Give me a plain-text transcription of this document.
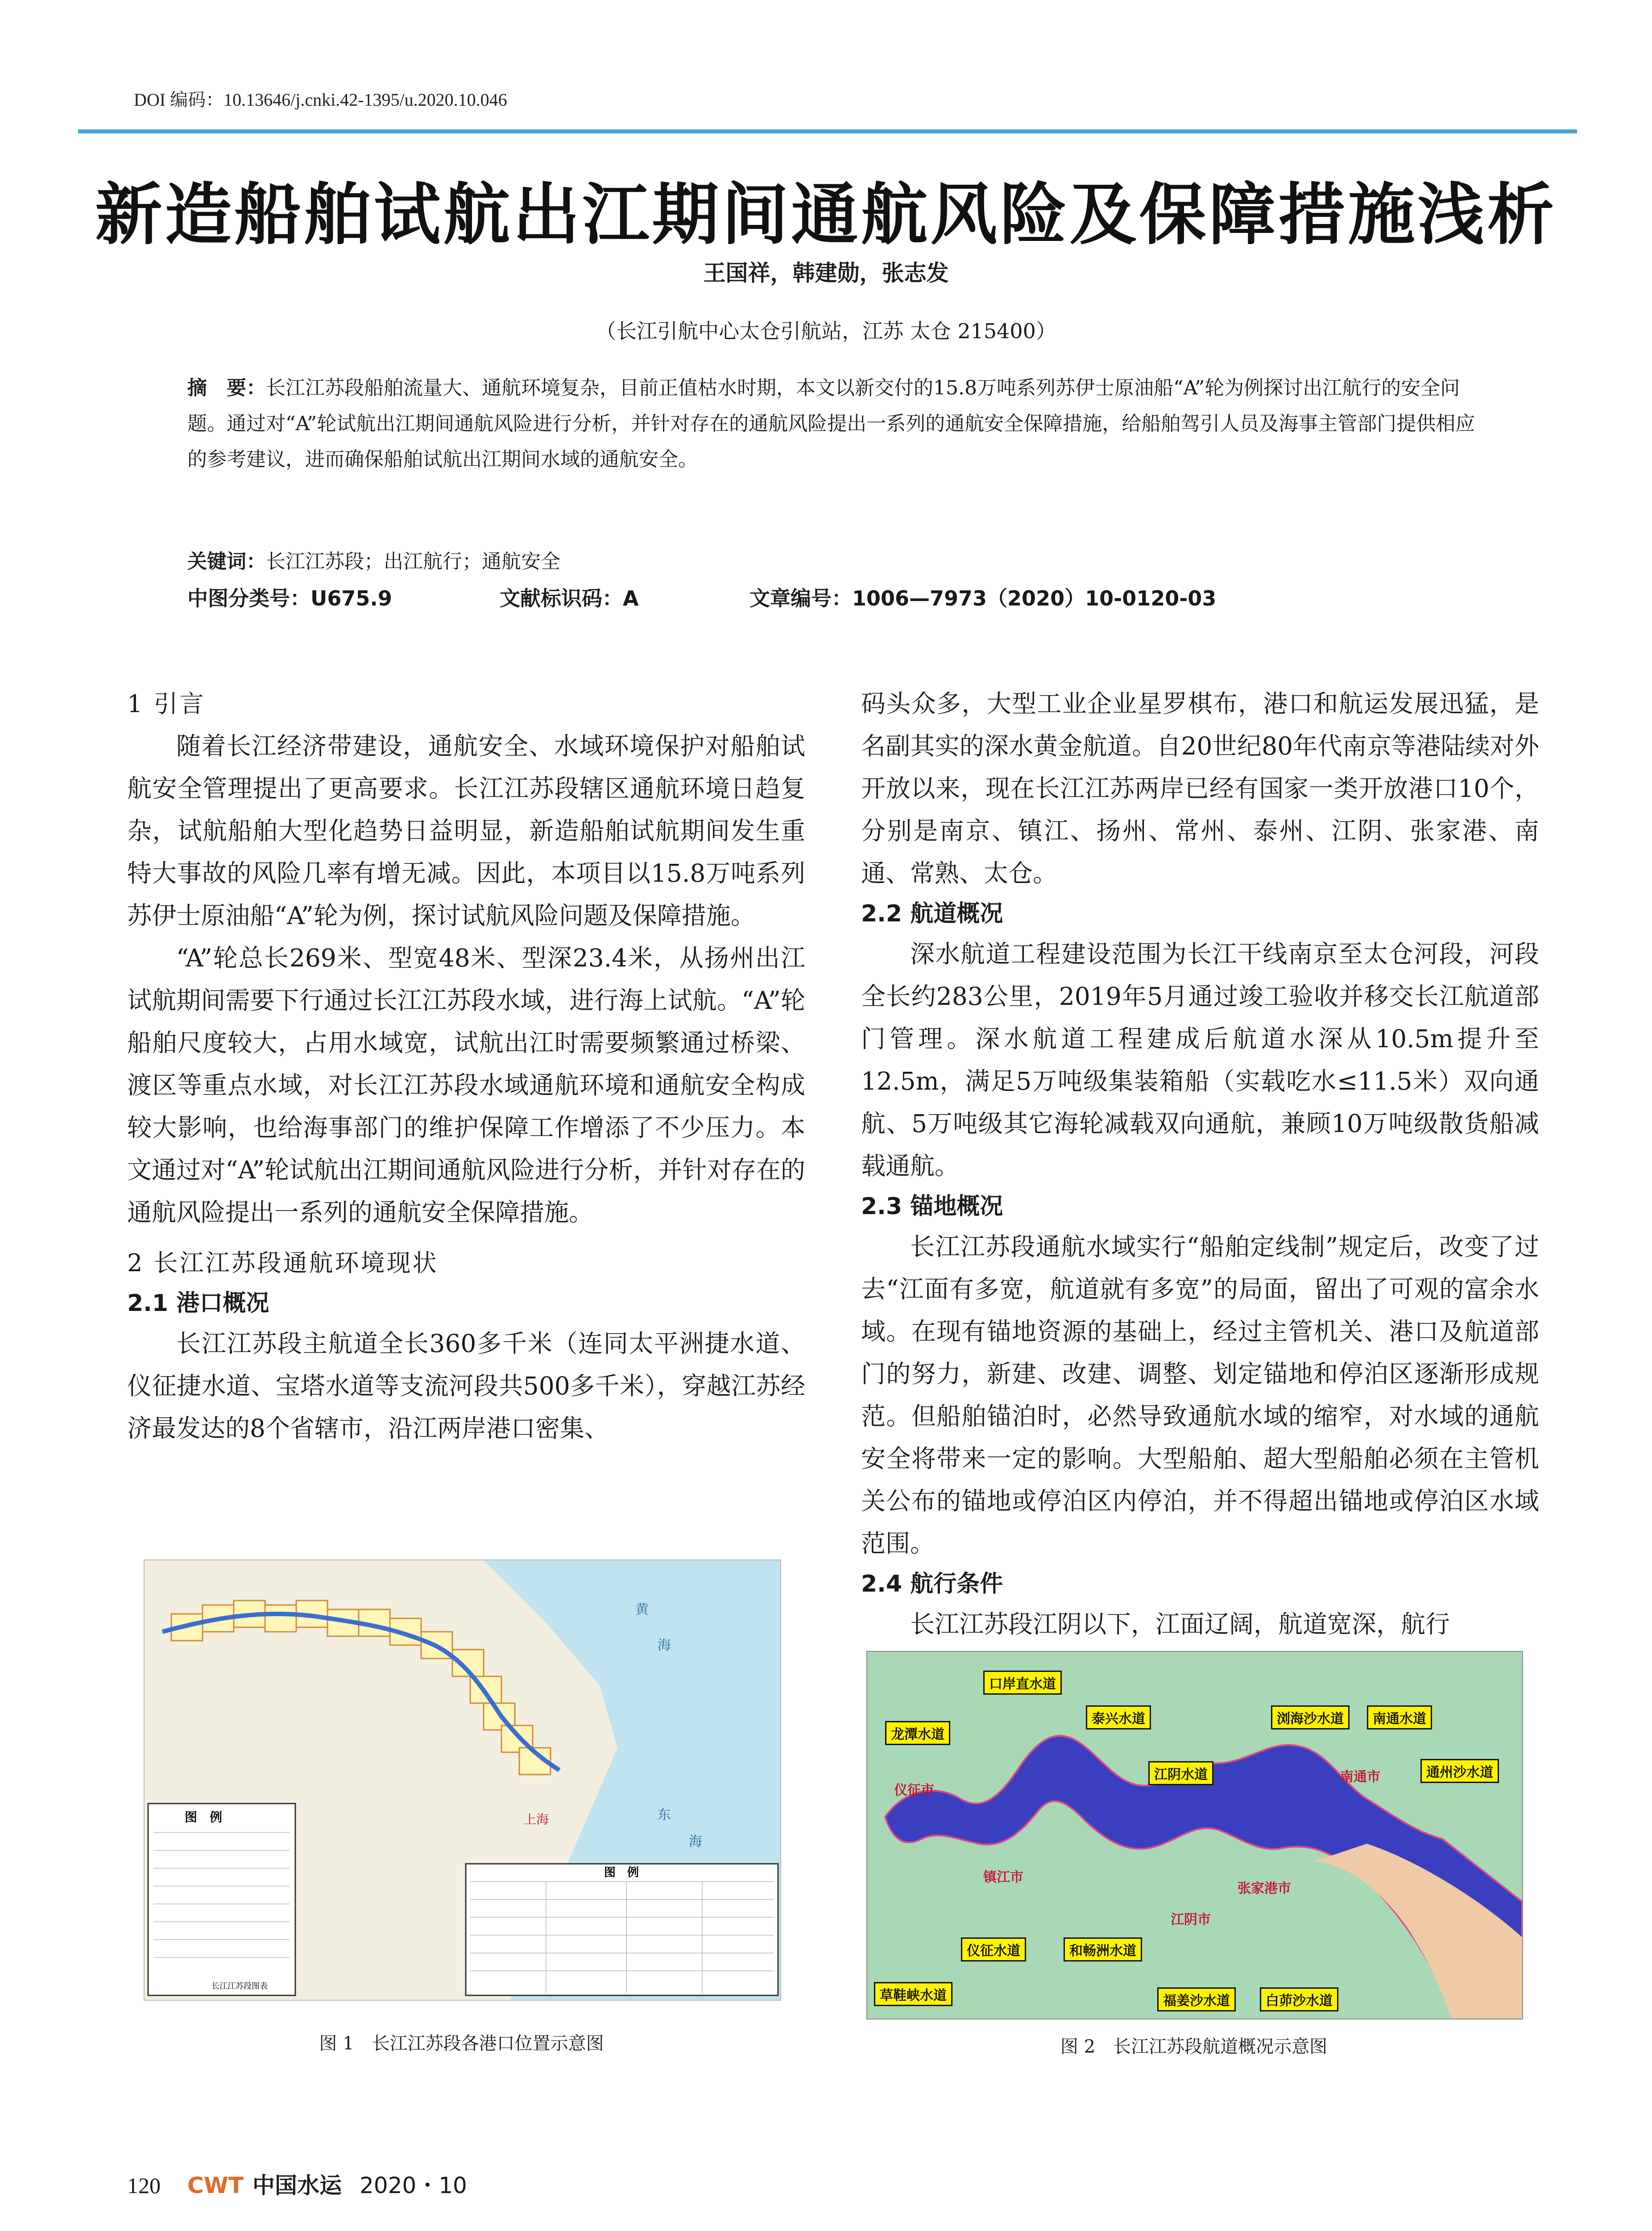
DOI 编码：10.13646/j.cnki.42-1395/u.2020.10.046
新造船舶试航出江期间通航风险及保障措施浅析
王国祥，韩建勋，张志发
（长江引航中心太仓引航站，江苏 太仓 215400）
摘　要：长江江苏段船舶流量大、通航环境复杂，目前正值枯水时期，本文以新交付的15.8万吨系列苏伊士原油船“A”轮为例探讨出江航行的安全问题。通过对“A”轮试航出江期间通航风险进行分析，并针对存在的通航风险提出一系列的通航安全保障措施，给船舶驾引人员及海事主管部门提供相应的参考建议，进而确保船舶试航出江期间水域的通航安全。
关键词：长江江苏段；出江航行；通航安全
中图分类号：U675.9	文献标识码：A	文章编号：1006—7973（2020）10-0120-03
1 引言

随着长江经济带建设，通航安全、水域环境保护对船舶试航安全管理提出了更高要求。长江江苏段辖区通航环境日趋复杂，试航船舶大型化趋势日益明显，新造船舶试航期间发生重特大事故的风险几率有增无减。因此，本项目以15.8万吨系列苏伊士原油船“A”轮为例，探讨试航风险问题及保障措施。

“A”轮总长269米、型宽48米、型深23.4米，从扬州出江试航期间需要下行通过长江江苏段水域，进行海上试航。“A”轮船舶尺度较大，占用水域宽，试航出江时需要频繁通过桥梁、渡区等重点水域，对长江江苏段水域通航环境和通航安全构成较大影响，也给海事部门的维护保障工作增添了不少压力。本文通过对“A”轮试航出江期间通航风险进行分析，并针对存在的通航风险提出一系列的通航安全保障措施。

2 长江江苏段通航环境现状
2.1 港口概况

长江江苏段主航道全长360多千米（连同太平洲捷水道、仪征捷水道、宝塔水道等支流河段共500多千米），穿越江苏经济最发达的8个省辖市，沿江两岸港口密集、

码头众多，大型工业企业星罗棋布，港口和航运发展迅猛，是名副其实的深水黄金航道。自20世纪80年代南京等港陆续对外开放以来，现在长江江苏两岸已经有国家一类开放港口10个，分别是南京、镇江、扬州、常州、泰州、江阴、张家港、南通、常熟、太仓。

2.2 航道概况

深水航道工程建设范围为长江干线南京至太仓河段，河段全长约283公里，2019年5月通过竣工验收并移交长江航道部门管理。深水航道工程建成后航道水深从10.5m提升至12.5m，满足5万吨级集装箱船（实载吃水≤11.5米）双向通航、5万吨级其它海轮减载双向通航，兼顾10万吨级散货船减载通航。

2.3 锚地概况

长江江苏段通航水域实行“船舶定线制”规定后，改变了过去“江面有多宽，航道就有多宽”的局面，留出了可观的富余水域。在现有锚地资源的基础上，经过主管机关、港口及航道部门的努力，新建、改建、调整、划定锚地和停泊区逐渐形成规范。但船舶锚泊时，必然导致通航水域的缩窄，对水域的通航安全将带来一定的影响。大型船舶、超大型船舶必须在主管机关公布的锚地或停泊区内停泊，并不得超出锚地或停泊区水域范围。

2.4 航行条件

长江江苏段江阴以下，江面辽阔，航道宽深，航行

上海
黄
海
东
海
图　例
长江江苏段图表
图　例
图 1　长江江苏段各港口位置示意图
口岸直水道
泰兴水道
龙潭水道
江阴水道
浏海沙水道	南通水道
通州沙水道
仪征水道	和畅洲水道
福姜沙水道	白茆沙水道
草鞋峡水道
仪征市
镇江市
江阴市
张家港市
南通市
图 2　长江江苏段航道概况示意图
120 CWT 中国水运 2020・10
